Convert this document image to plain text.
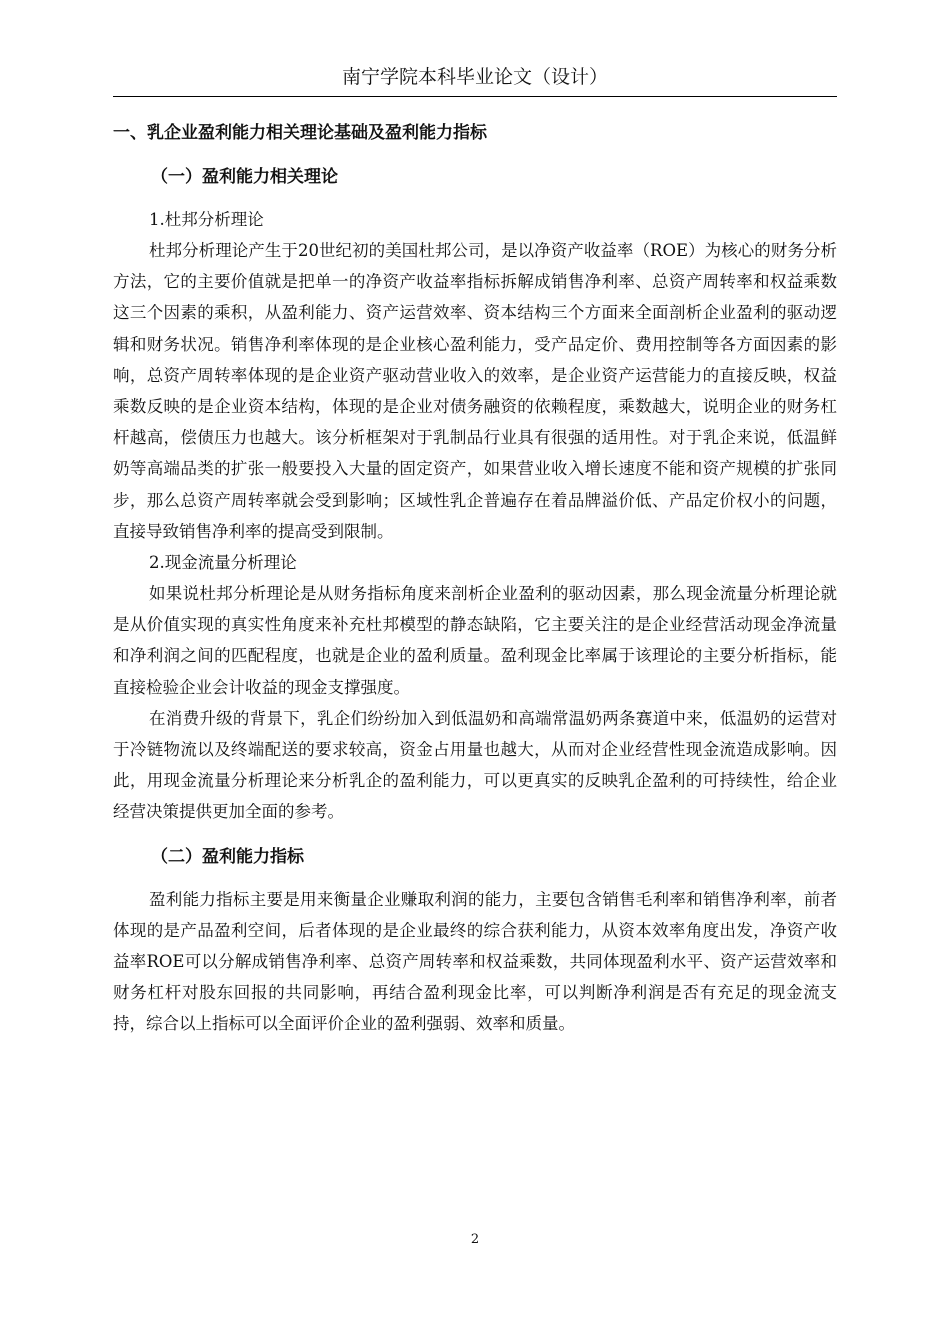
南宁学院本科毕业论文（设计）
一、乳企业盈利能力相关理论基础及盈利能力指标
（一）盈利能力相关理论
1.杜邦分析理论

杜邦分析理论产生于20世纪初的美国杜邦公司，是以净资产收益率（ROE）为核心的财务分析方法，它的主要价值就是把单一的净资产收益率指标拆解成销售净利率、总资产周转率和权益乘数这三个因素的乘积，从盈利能力、资产运营效率、资本结构三个方面来全面剖析企业盈利的驱动逻辑和财务状况。销售净利率体现的是企业核心盈利能力，受产品定价、费用控制等各方面因素的影响，总资产周转率体现的是企业资产驱动营业收入的效率，是企业资产运营能力的直接反映，权益乘数反映的是企业资本结构，体现的是企业对债务融资的依赖程度，乘数越大，说明企业的财务杠杆越高，偿债压力也越大。该分析框架对于乳制品行业具有很强的适用性。对于乳企来说，低温鲜奶等高端品类的扩张一般要投入大量的固定资产，如果营业收入增长速度不能和资产规模的扩张同步，那么总资产周转率就会受到影响；区域性乳企普遍存在着品牌溢价低、产品定价权小的问题，直接导致销售净利率的提高受到限制。

2.现金流量分析理论

如果说杜邦分析理论是从财务指标角度来剖析企业盈利的驱动因素，那么现金流量分析理论就是从价值实现的真实性角度来补充杜邦模型的静态缺陷，它主要关注的是企业经营活动现金净流量和净利润之间的匹配程度，也就是企业的盈利质量。盈利现金比率属于该理论的主要分析指标，能直接检验企业会计收益的现金支撑强度。

在消费升级的背景下，乳企们纷纷加入到低温奶和高端常温奶两条赛道中来，低温奶的运营对于冷链物流以及终端配送的要求较高，资金占用量也越大，从而对企业经营性现金流造成影响。因此，用现金流量分析理论来分析乳企的盈利能力，可以更真实的反映乳企盈利的可持续性，给企业经营决策提供更加全面的参考。

（二）盈利能力指标

盈利能力指标主要是用来衡量企业赚取利润的能力，主要包含销售毛利率和销售净利率，前者体现的是产品盈利空间，后者体现的是企业最终的综合获利能力，从资本效率角度出发，净资产收益率ROE可以分解成销售净利率、总资产周转率和权益乘数，共同体现盈利水平、资产运营效率和财务杠杆对股东回报的共同影响，再结合盈利现金比率，可以判断净利润是否有充足的现金流支持，综合以上指标可以全面评价企业的盈利强弱、效率和质量。

2
